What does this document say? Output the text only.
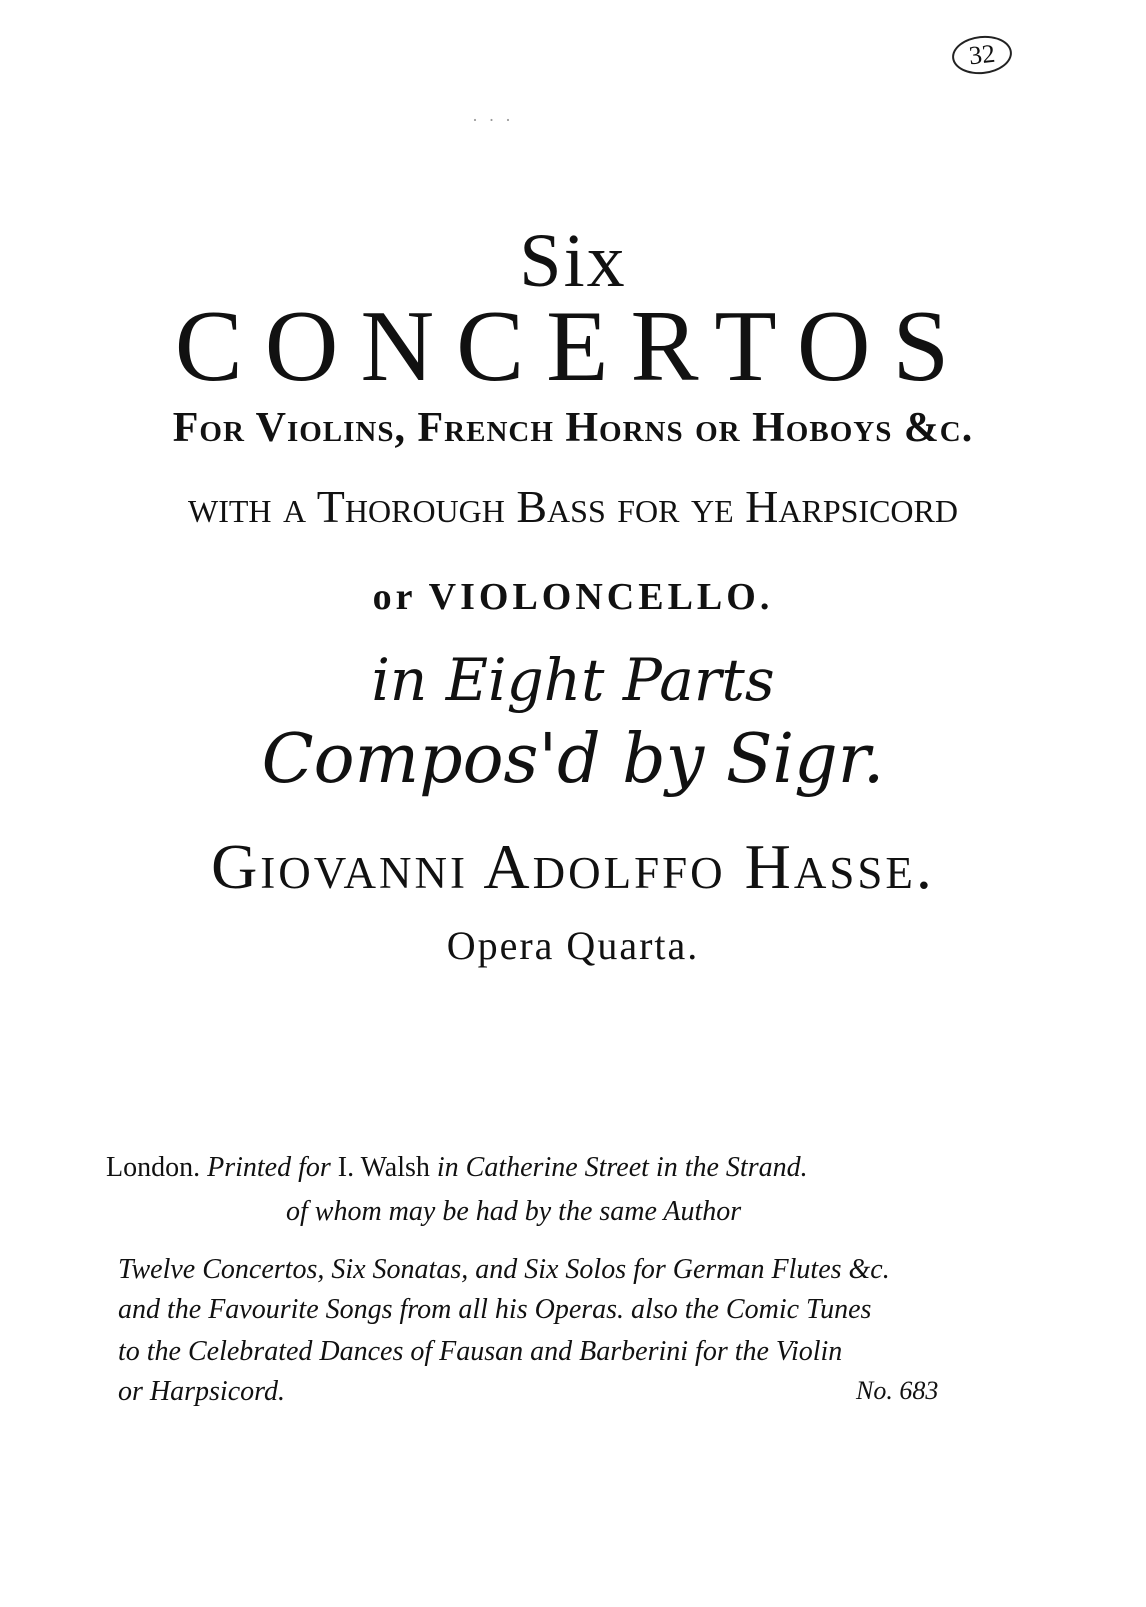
32
· · ·
Six
CONCERTOS
For Violins, French Horns or Hoboys &c.
with a Thorough Bass for ye Harpsicord
or VIOLONCELLO.
in Eight Parts
Compos'd by Sigr.
Giovanni Adolffo Hasse.
Opera Quarta.
London. Printed for I. Walsh in Catherine Street in the Strand.
of whom may be had by the same Author
Twelve Concertos, Six Sonatas, and Six Solos for German Flutes &c.
and the Favourite Songs from all his Operas. also the Comic Tunes
to the Celebrated Dances of Fausan and Barberini for the Violin
or Harpsicord.	No. 683
